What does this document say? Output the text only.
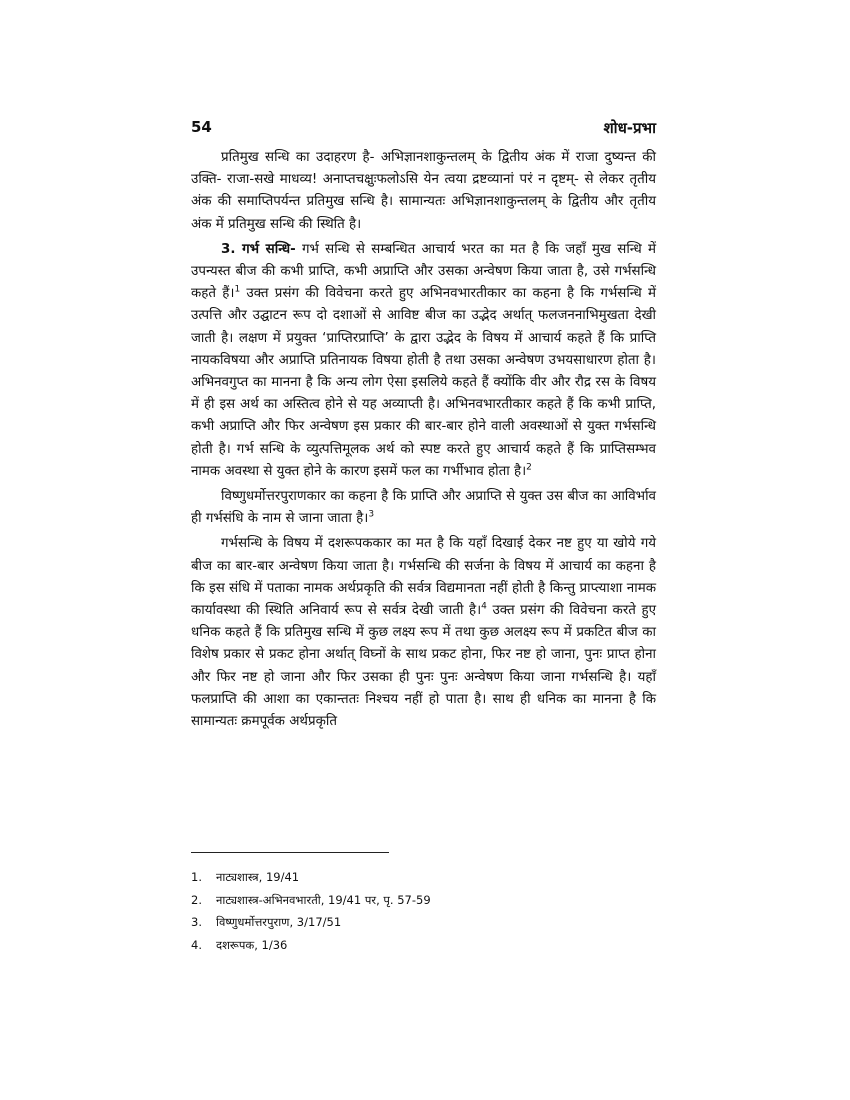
54	शोध-प्रभा

प्रतिमुख सन्धि का उदाहरण है- अभिज्ञानशाकुन्तलम् के द्वितीय अंक में राजा दुष्यन्त की उक्ति- राजा-सखे माधव्य! अनाप्तचक्षुःफलोऽसि येन त्वया द्रष्टव्यानां परं न दृष्टम्- से लेकर तृतीय अंक की समाप्तिपर्यन्त प्रतिमुख सन्धि है। सामान्यतः अभिज्ञानशाकुन्तलम् के द्वितीय और तृतीय अंक में प्रतिमुख सन्धि की स्थिति है।

3. गर्भ सन्धि- गर्भ सन्धि से सम्बन्धित आचार्य भरत का मत है कि जहाँ मुख सन्धि में उपन्यस्त बीज की कभी प्राप्ति, कभी अप्राप्ति और उसका अन्वेषण किया जाता है, उसे गर्भसन्धि कहते हैं।$^1$ उक्त प्रसंग की विवेचना करते हुए अभिनवभारतीकार का कहना है कि गर्भसन्धि में उत्पत्ति और उद्घाटन रूप दो दशाओं से आविष्ट बीज का उद्भेद अर्थात् फलजननाभिमुखता देखी जाती है। लक्षण में प्रयुक्त ‘प्राप्तिरप्राप्ति’ के द्वारा उद्भेद के विषय में आचार्य कहते हैं कि प्राप्ति नायकविषया और अप्राप्ति प्रतिनायक विषया होती है तथा उसका अन्वेषण उभयसाधारण होता है। अभिनवगुप्त का मानना है कि अन्य लोग ऐसा इसलिये कहते हैं क्योंकि वीर और रौद्र रस के विषय में ही इस अर्थ का अस्तित्व होने से यह अव्याप्ती है। अभिनवभारतीकार कहते हैं कि कभी प्राप्ति, कभी अप्राप्ति और फिर अन्वेषण इस प्रकार की बार-बार होने वाली अवस्थाओं से युक्त गर्भसन्धि होती है। गर्भ सन्धि के व्युत्पत्तिमूलक अर्थ को स्पष्ट करते हुए आचार्य कहते हैं कि प्राप्तिसम्भव नामक अवस्था से युक्त होने के कारण इसमें फल का गर्भीभाव होता है।$^2$

विष्णुधर्मोत्तरपुराणकार का कहना है कि प्राप्ति और अप्राप्ति से युक्त उस बीज का आविर्भाव ही गर्भसंधि के नाम से जाना जाता है।$^3$

गर्भसन्धि के विषय में दशरूपककार का मत है कि यहाँ दिखाई देकर नष्ट हुए या खोये गये बीज का बार-बार अन्वेषण किया जाता है। गर्भसन्धि की सर्जना के विषय में आचार्य का कहना है कि इस संधि में पताका नामक अर्थप्रकृति की सर्वत्र विद्यमानता नहीं होती है किन्तु प्राप्त्याशा नामक कार्यावस्था की स्थिति अनिवार्य रूप से सर्वत्र देखी जाती है।$^4$ उक्त प्रसंग की विवेचना करते हुए धनिक कहते हैं कि प्रतिमुख सन्धि में कुछ लक्ष्य रूप में तथा कुछ अलक्ष्य रूप में प्रकटित बीज का विशेष प्रकार से प्रकट होना अर्थात् विघ्नों के साथ प्रकट होना, फिर नष्ट हो जाना, पुनः प्राप्त होना और फिर नष्ट हो जाना और फिर उसका ही पुनः पुनः अन्वेषण किया जाना गर्भसन्धि है। यहाँ फलप्राप्ति की आशा का एकान्ततः निश्चय नहीं हो पाता है। साथ ही धनिक का मानना है कि सामान्यतः क्रमपूर्वक अर्थप्रकृति

1. नाट्यशास्त्र, 19/41
2. नाट्यशास्त्र-अभिनवभारती, 19/41 पर, पृ. 57-59
3. विष्णुधर्मोत्तरपुराण, 3/17/51
4. दशरूपक, 1/36
